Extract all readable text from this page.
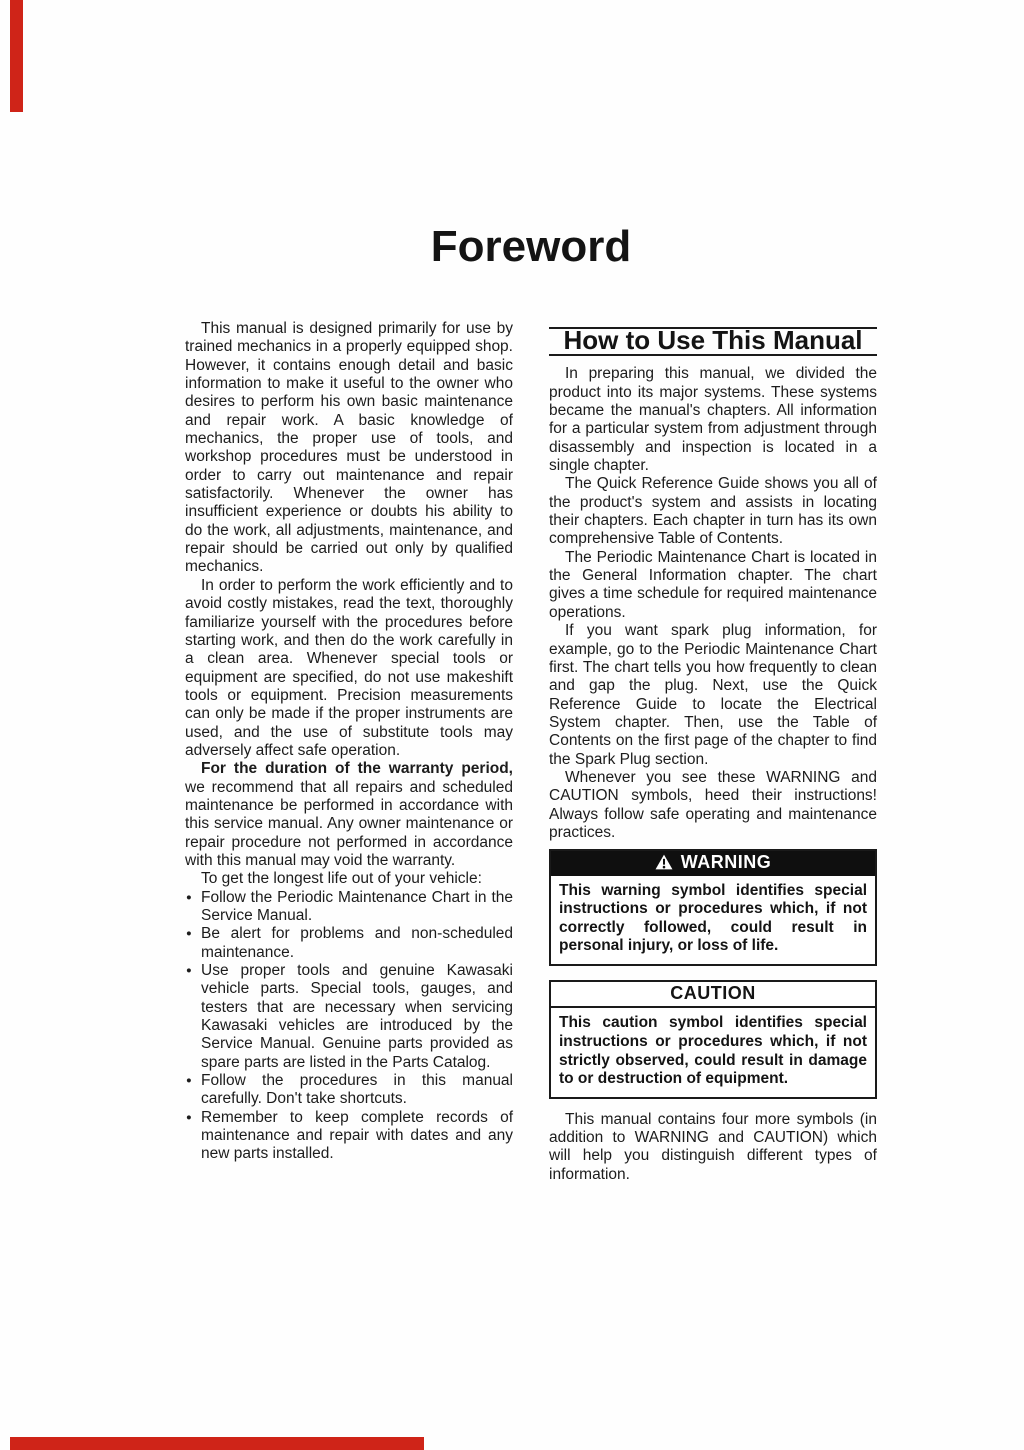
Foreword

This manual is designed primarily for use by trained mechanics in a properly equipped shop. However, it contains enough detail and basic information to make it useful to the owner who desires to perform his own basic maintenance and repair work. A basic knowledge of mechanics, the proper use of tools, and workshop procedures must be understood in order to carry out maintenance and repair satisfactorily. Whenever the owner has insufficient experience or doubts his ability to do the work, all adjustments, maintenance, and repair should be carried out only by qualified mechanics.

In order to perform the work efficiently and to avoid costly mistakes, read the text, thoroughly familiarize yourself with the procedures before starting work, and then do the work carefully in a clean area. Whenever special tools or equipment are specified, do not use makeshift tools or equipment. Precision measurements can only be made if the proper instruments are used, and the use of substitute tools may adversely affect safe operation.

For the duration of the warranty period, we recommend that all repairs and scheduled maintenance be performed in accordance with this service manual. Any owner maintenance or repair procedure not performed in accordance with this manual may void the warranty.

To get the longest life out of your vehicle:

● Follow the Periodic Maintenance Chart in the Service Manual.
● Be alert for problems and non-scheduled maintenance.
● Use proper tools and genuine Kawasaki vehicle parts. Special tools, gauges, and testers that are necessary when servicing Kawasaki vehicles are introduced by the Service Manual. Genuine parts provided as spare parts are listed in the Parts Catalog.
● Follow the procedures in this manual carefully. Don't take shortcuts.
● Remember to keep complete records of maintenance and repair with dates and any new parts installed.
How to Use This Manual

In preparing this manual, we divided the product into its major systems. These systems became the manual's chapters. All information for a particular system from adjustment through disassembly and inspection is located in a single chapter.

The Quick Reference Guide shows you all of the product's system and assists in locating their chapters. Each chapter in turn has its own comprehensive Table of Contents.

The Periodic Maintenance Chart is located in the General Information chapter. The chart gives a time schedule for required maintenance operations.

If you want spark plug information, for example, go to the Periodic Maintenance Chart first. The chart tells you how frequently to clean and gap the plug. Next, use the Quick Reference Guide to locate the Electrical System chapter. Then, use the Table of Contents on the first page of the chapter to find the Spark Plug section.

Whenever you see these WARNING and CAUTION symbols, heed their instructions! Always follow safe operating and maintenance practices.

WARNING
This warning symbol identifies special instructions or procedures which, if not correctly followed, could result in personal injury, or loss of life.
CAUTION
This caution symbol identifies special instructions or procedures which, if not strictly observed, could result in damage to or destruction of equipment.

This manual contains four more symbols (in addition to WARNING and CAUTION) which will help you distinguish different types of information.
